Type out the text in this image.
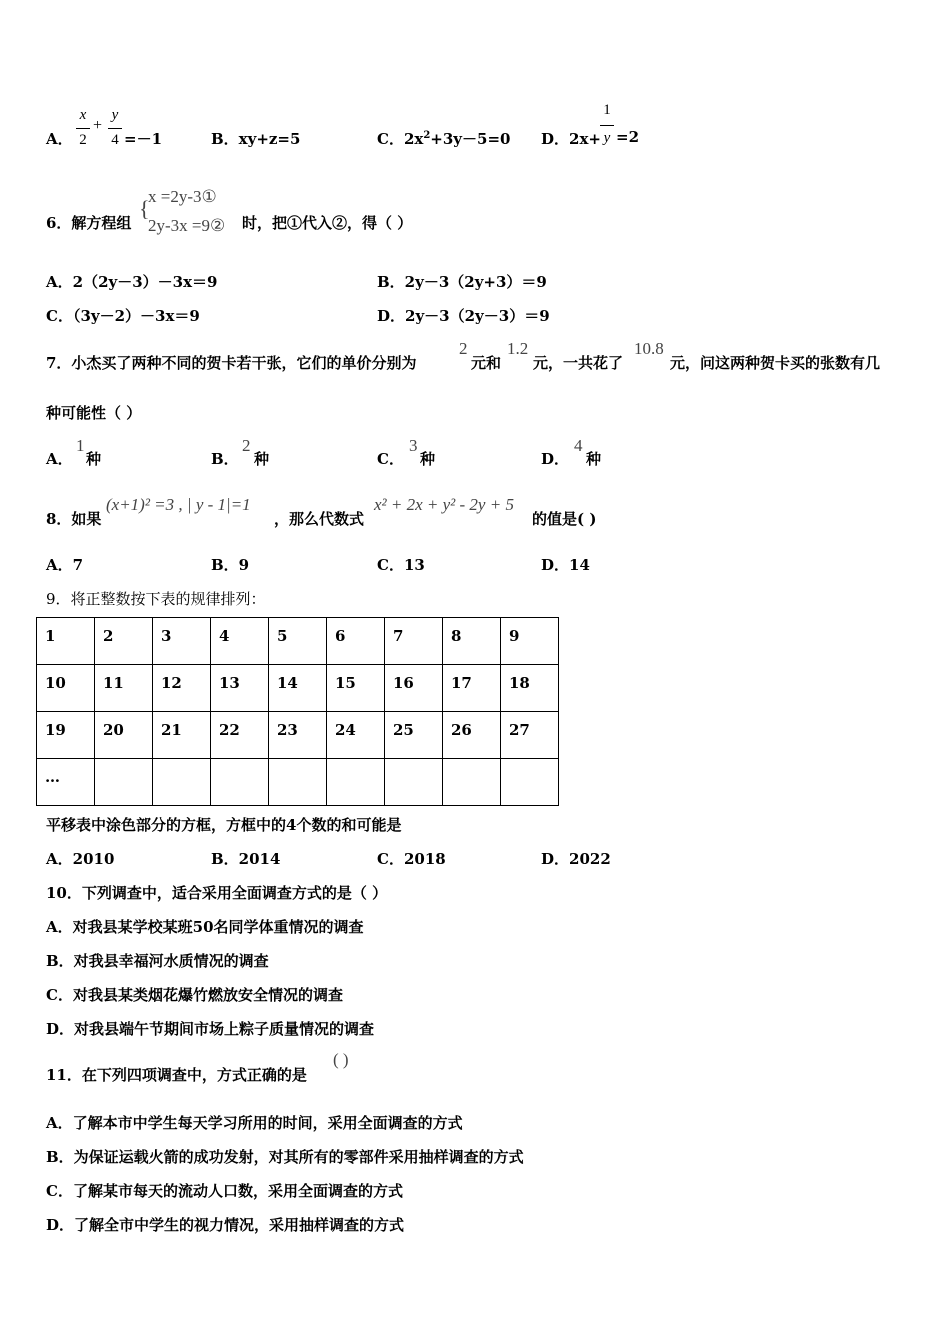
A．
x
2
+
y
4 =－1	B．xy+z=5	C．$2x^2+3y-5=0$ D．2x+
1
y =2
6．解方程组
{
x =2y-3①
2y-3x =9② 时，把①代入②，得（ ）
A．2（2y－3）－3x＝9	B．2y－3（2y+3）＝9
C．（3y－2）－3x＝9	D．2y－3（2y－3）＝9
7．小杰买了两种不同的贺卡若干张，它们的单价分别为
2
元和
1.2
元，一共花了
10.8
元，问这两种贺卡买的张数有几
种可能性（ ）
A．
1
种	B．
2
种	C．
3
种	D．
4
种
8．如果
(x+1)² =3 , | y - 1|=1
，那么代数式
x² + 2x + y² - 2y + 5
的值是( )
A．7	B．9	C．13	D．14
9．将正整数按下表的规律排列：
1	2	3	4	5	6	7	8	9
10	11	12	13	14	15	16	17	18
19	20	21	22	23	24	25	26	27
…								
平移表中涂色部分的方框，方框中的4个数的和可能是
A．2010	B．2014	C．2018	D．2022
10．下列调查中，适合采用全面调查方式的是（ ）
A．对我县某学校某班50名同学体重情况的调查
B．对我县幸福河水质情况的调查
C．对我县某类烟花爆竹燃放安全情况的调查
D．对我县端午节期间市场上粽子质量情况的调查
11．在下列四项调查中，方式正确的是
( )
A．了解本市中学生每天学习所用的时间，采用全面调查的方式
B．为保证运载火箭的成功发射，对其所有的零部件采用抽样调查的方式
C．了解某市每天的流动人口数，采用全面调查的方式
D．了解全市中学生的视力情况，采用抽样调查的方式
